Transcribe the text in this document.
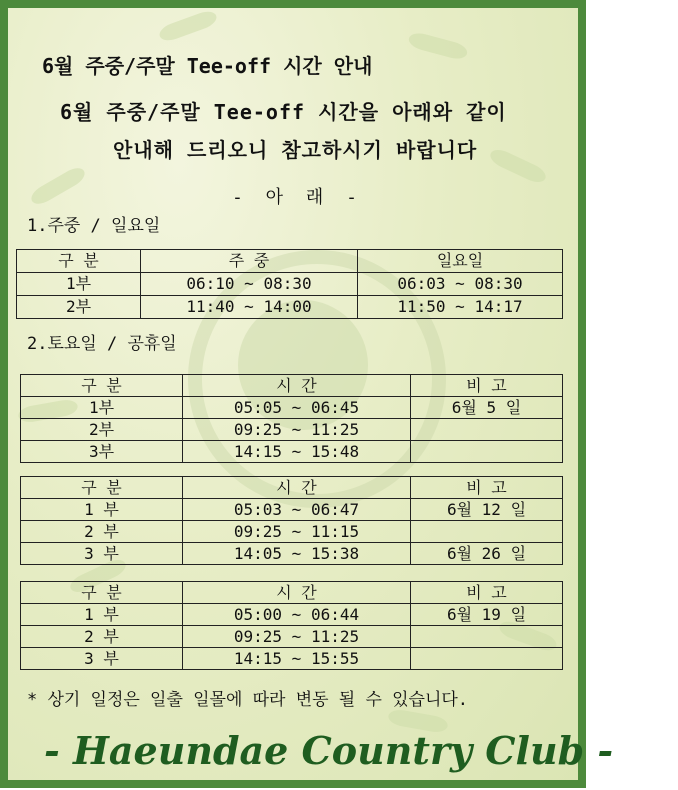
6월 주중/주말 Tee-off 시간 안내
6월 주중/주말 Tee-off 시간을 아래와 같이
안내해 드리오니 참고하시기 바랍니다
- 아 래 -
1.주중 / 일요일
구 분	주 중	일요일
1부	06:10 ~ 08:30	06:03 ~ 08:30
2부	11:40 ~ 14:00	11:50 ~ 14:17
2.토요일 / 공휴일
구 분	시 간	비 고
1부	05:05 ~ 06:45	6월 5 일
2부	09:25 ~ 11:25	
3부	14:15 ~ 15:48	
구 분	시 간	비 고
1 부	05:03 ~ 06:47	6월 12 일
2 부	09:25 ~ 11:15	
3 부	14:05 ~ 15:38	6월 26 일
구 분	시 간	비 고
1 부	05:00 ~ 06:44	6월 19 일
2 부	09:25 ~ 11:25	
3 부	14:15 ~ 15:55	
* 상기 일정은 일출 일몰에 따라 변동 될 수 있습니다.
- Haeundae Country Club -
